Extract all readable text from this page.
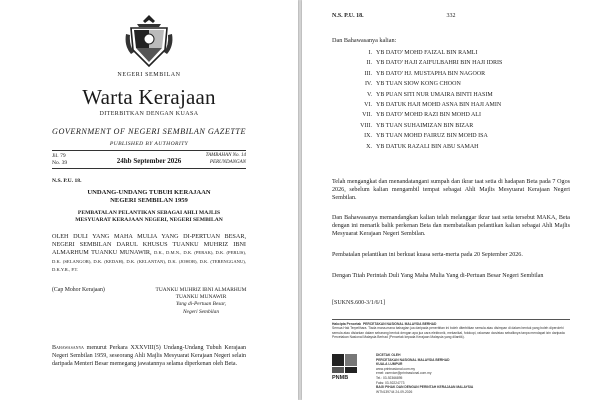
NEGERI SEMBILAN
Warta Kerajaan
DITERBITKAN DENGAN KUASA
GOVERNMENT OF NEGERI SEMBILAN GAZETTE
PUBLISHED BY AUTHORITY
Jil. 79
No. 39	24hb September 2026
TAMBAHAN No. 14
PERUNDANGAN
N.S. P.U. 18.
UNDANG-UNDANG TUBUH KERAJAAN
NEGERI SEMBILAN 1959
PEMBATALAN PELANTIKAN SEBAGAI AHLI MAJLIS
MESYUARAT KERAJAAN NEGERI, NEGERI SEMBILAN
OLEH DULI YANG MAHA MULIA YANG DI-PERTUAN BESAR, NEGERI SEMBILAN DARUL KHUSUS TUANKU MUHRIZ IBNI ALMARHUM TUANKU MUNAWIR, D.K., D.M.N., D.K. (PERAK), D.K. (PERLIS), D.K. (SELANGOR), D.K. (KEDAH), D.K. (KELANTAN), D.K. (JOHOR), D.K. (TERENGGANU), D.K.Y.R., P.T.
(Cap Mohor Kerajaan)	TUANKU MUHRIZ IBNI ALMARHUM
TUANKU MUNAWIR
Yang di-Pertuan Besar,
Negeri Sembilan
Bahawasanya menurut Perkara XXXVIII(5) Undang-Undang Tubuh Kerajaan Negeri Sembilan 1959, seseorang Ahli Majlis Mesyuarat Kerajaan Negeri selain daripada Menteri Besar memegang jawatannya selama diperkenan oleh Beta.
N.S. P.U. 18.	332
Dan Bahawasanya kalian:
I. YB DATO' MOHD FAIZAL BIN RAMLI
II. YB DATO' HAJI ZAIFULBAHRI BIN HAJI IDRIS
III. YB DATO' HJ. MUSTAPHA BIN NAGOOR
IV. YB TUAN SIOW KONG CHOON
V. YB PUAN SITI NUR UMAIRA BINTI HASIM
VI. YB DATUK HAJI MOHD ASNA BIN HAJI AMIN
VII. YB DATO' MOHD RAZI BIN MOHD ALI
VIII. YB TUAN SUHAIMIZAN BIN BIZAR
IX. YB TUAN MOHD FAIRUZ BIN MOHD ISA
X. YB DATUK RAZALI BIN ABU SAMAH

Telah mengangkat dan menandatangani sumpah dan ikrar taat setia di hadapan Beta pada 7 Ogos 2026, sebelum kalian mengambil tempat sebagai Ahli Majlis Mesyuarat Kerajaan Negeri Sembilan.

Dan Bahawasanya memandangkan kalian telah melanggar ikrar taat setia tersebut MAKA, Beta dengan ini menarik balik perkenan Beta dan membatalkan pelantikan kalian sebagai Ahli Majlis Mesyuarat Kerajaan Negeri Sembilan.

Pembatalan pelantikan ini berkuat kuasa serta-merta pada 20 September 2026.

Dengan Titah Perintah Duli Yang Maha Mulia Yang di-Pertuan Besar Negeri Sembilan

[SUKNS.600-3/1/6/1]
Hakcipta Pencetak PERCETAKAN NASIONAL MALAYSIA BERHAD
Semua Hak Terpelihara. Tiada mana-mana bahagian jua daripada penerbitan ini boleh diterbitkan semula atau disimpan di dalam bentuk yang boleh diperolehi semula atau disiarkan dalam sebarang bentuk dengan apa jua cara elektronik, mekanikal, fotokopi, rakaman dan/atau sebaliknya tanpa mendapat izin daripada Percetakan Nasional Malaysia Berhad (Pencetak kepada Kerajaan Malaysia yang dilantik).
PNMB
DICETAK OLEH
PERCETAKAN NASIONAL MALAYSIA BERHAD
KUALA LUMPUR
www.printnasional.com.my
emel: cservice@printnasional.com.my
Tel.: 03-92366895
Faks: 03-92224773
BAGI PIHAK DAN DENGAN PERINTAH KERAJAAN MALAYSIA
WTN139744 24-09-2026
